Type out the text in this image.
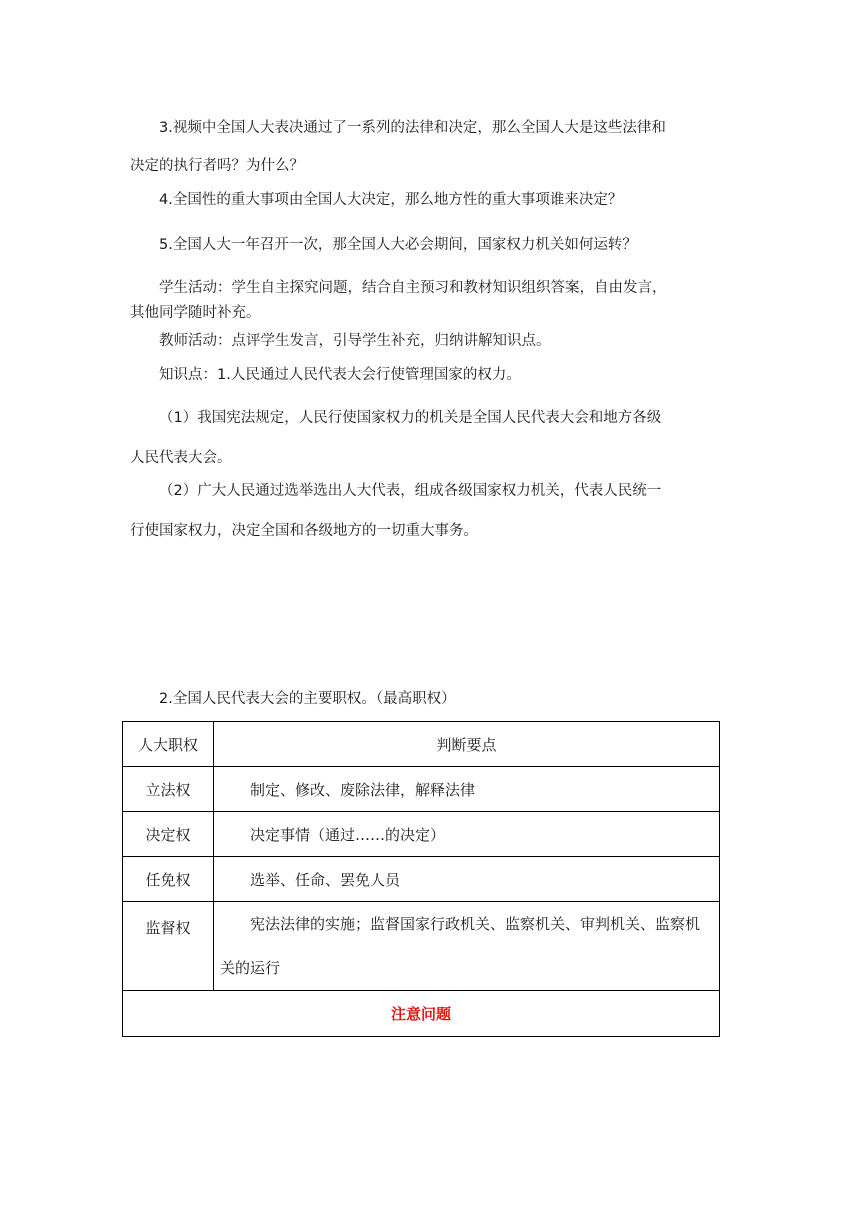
3.视频中全国人大表决通过了一系列的法律和决定，那么全国人大是这些法律和
决定的执行者吗？为什么？
4.全国性的重大事项由全国人大决定，那么地方性的重大事项谁来决定？
5.全国人大一年召开一次，那全国人大必会期间，国家权力机关如何运转？
学生活动：学生自主探究问题，结合自主预习和教材知识组织答案，自由发言，
其他同学随时补充。
教师活动：点评学生发言，引导学生补充，归纳讲解知识点。
知识点：1.人民通过人民代表大会行使管理国家的权力。
（1）我国宪法规定，人民行使国家权力的机关是全国人民代表大会和地方各级
人民代表大会。
（2）广大人民通过选举选出人大代表，组成各级国家权力机关，代表人民统一
行使国家权力，决定全国和各级地方的一切重大事务。
2.全国人民代表大会的主要职权。（最高职权）
人大职权	判断要点
立法权	制定、修改、废除法律，解释法律
决定权	决定事情（通过……的决定）
任免权	选举、任命、罢免人员
监督权	宪法法律的实施；监督国家行政机关、监察机关、审判机关、监察机关的运行

注意问题	
